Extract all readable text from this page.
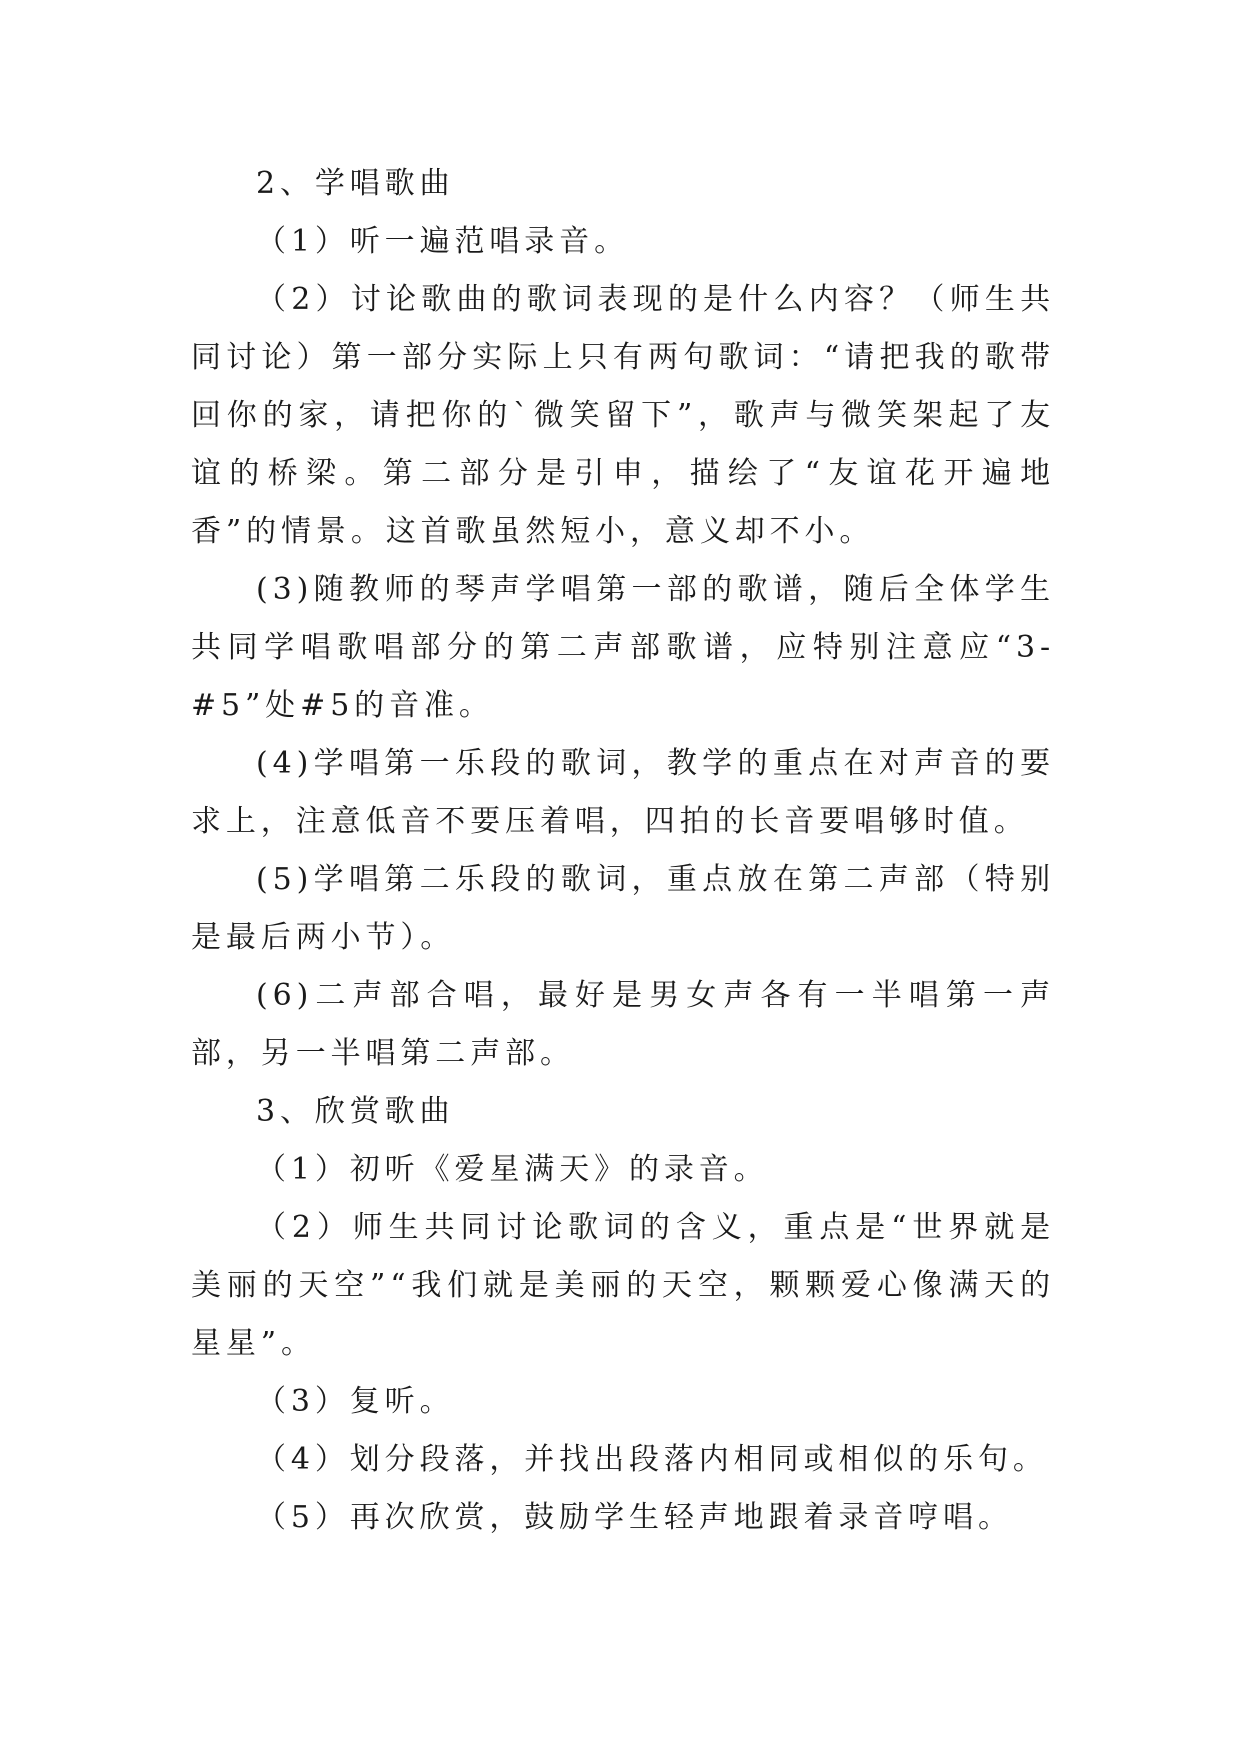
2、学唱歌曲

（1）听一遍范唱录音。

（2）讨论歌曲的歌词表现的是什么内容？（师生共同讨论）第一部分实际上只有两句歌词：“请把我的歌带回你的家，请把你的`微笑留下”，歌声与微笑架起了友谊的桥梁。第二部分是引申，描绘了“友谊花开遍地香”的情景。这首歌虽然短小，意义却不小。

(3)随教师的琴声学唱第一部的歌谱，随后全体学生共同学唱歌唱部分的第二声部歌谱，应特别注意应“3-#5”处#5的音准。

(4)学唱第一乐段的歌词，教学的重点在对声音的要求上，注意低音不要压着唱，四拍的长音要唱够时值。

(5)学唱第二乐段的歌词，重点放在第二声部（特别是最后两小节）。

(6)二声部合唱，最好是男女声各有一半唱第一声部，另一半唱第二声部。

3、欣赏歌曲

（1）初听《爱星满天》的录音。

（2）师生共同讨论歌词的含义，重点是“世界就是美丽的天空”“我们就是美丽的天空，颗颗爱心像满天的星星”。

（3）复听。

（4）划分段落，并找出段落内相同或相似的乐句。

（5）再次欣赏，鼓励学生轻声地跟着录音哼唱。
